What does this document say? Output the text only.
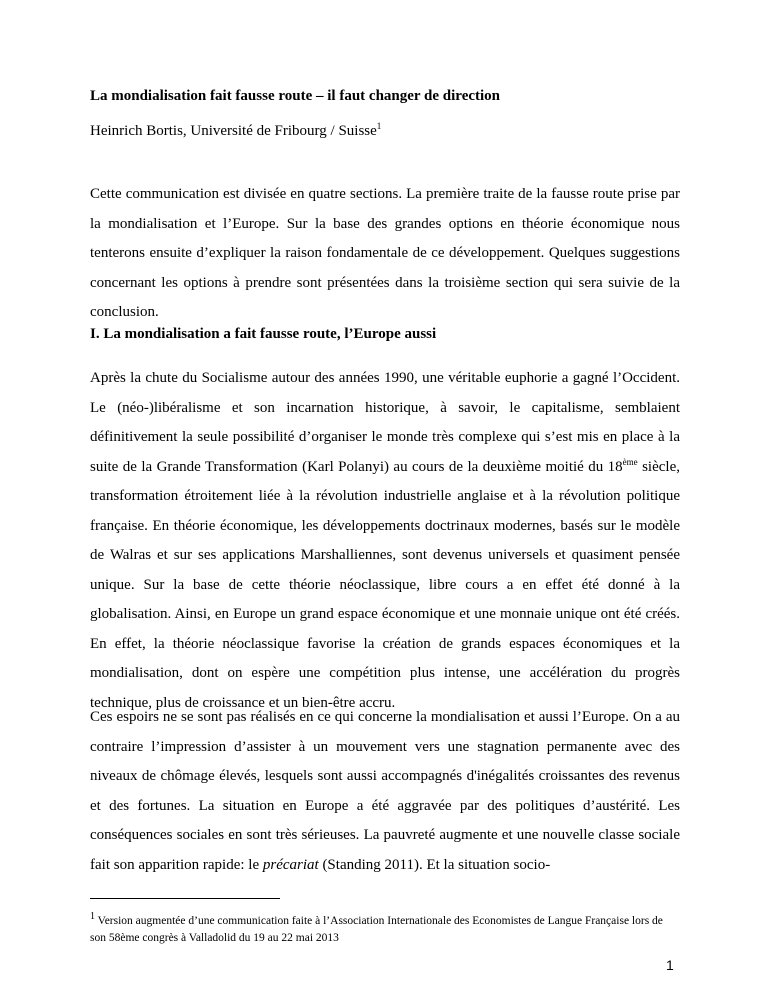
La mondialisation fait fausse route – il faut changer de direction
Heinrich Bortis, Université de Fribourg / Suisse$^1$

Cette communication est divisée en quatre sections. La première traite de la fausse route prise par la mondialisation et l’Europe. Sur la base des grandes options en théorie économique nous tenterons ensuite d’expliquer la raison fondamentale de ce développement. Quelques suggestions concernant les options à prendre sont présentées dans la troisième section qui sera suivie de la conclusion.

I. La mondialisation a fait fausse route, l’Europe aussi

Après la chute du Socialisme autour des années 1990, une véritable euphorie a gagné l’Occident. Le (néo-)libéralisme et son incarnation historique, à savoir, le capitalisme, semblaient définitivement la seule possibilité d’organiser le monde très complexe qui s’est mis en place à la suite de la Grande Transformation (Karl Polanyi) au cours de la deuxième moitié du 18ème siècle, transformation étroitement liée à la révolution industrielle anglaise et à la révolution politique française. En théorie économique, les développements doctrinaux modernes, basés sur le modèle de Walras et sur ses applications Marshalliennes, sont devenus universels et quasiment pensée unique. Sur la base de cette théorie néoclassique, libre cours a en effet été donné à la globalisation. Ainsi, en Europe un grand espace économique et une monnaie unique ont été créés. En effet, la théorie néoclassique favorise la création de grands espaces économiques et la mondialisation, dont on espère une compétition plus intense, une accélération du progrès technique, plus de croissance et un bien-être accru.

Ces espoirs ne se sont pas réalisés en ce qui concerne la mondialisation et aussi l’Europe. On a au contraire l’impression d’assister à un mouvement vers une stagnation permanente avec des niveaux de chômage élevés, lesquels sont aussi accompagnés d'inégalités croissantes des revenus et des fortunes. La situation en Europe a été aggravée par des politiques d’austérité. Les conséquences sociales en sont très sérieuses. La pauvreté augmente et une nouvelle classe sociale fait son apparition rapide: le précariat (Standing 2011). Et la situation socio-

$^1$ Version augmentée d’une communication faite à l’Association Internationale des Economistes de Langue Française lors de son 58ème congrès à Valladolid du 19 au 22 mai 2013
1
